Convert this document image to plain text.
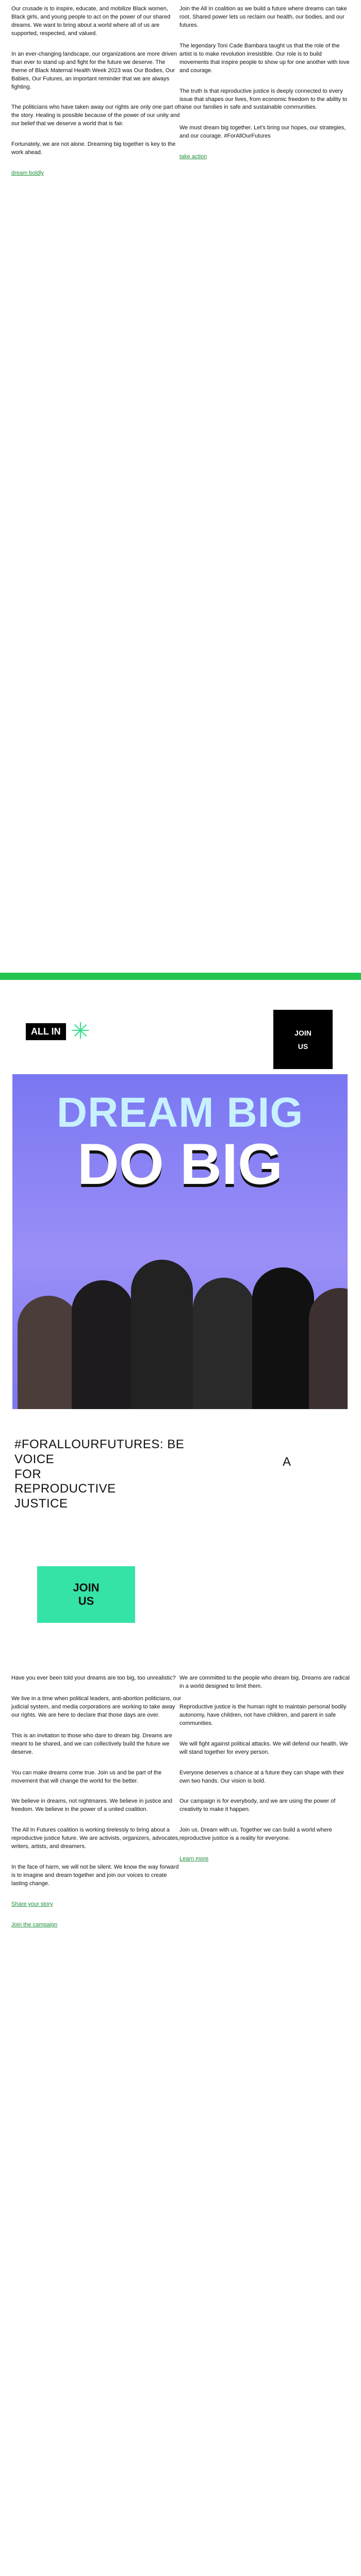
Our crusade is to inspire, educate, and mobilize Black women, Black girls, and young people to act on the power of our shared dreams. We want to bring about a world where all of us are supported, respected, and valued.
In an ever-changing landscape, our organizations are more driven than ever to stand up and fight for the future we deserve. The theme of Black Maternal Health Week 2023 was Our Bodies, Our Babies, Our Futures, an important reminder that we are always fighting.
The politicians who have taken away our rights are only one part of the story. Healing is possible because of the power of our unity and our belief that we deserve a world that is fair.
Fortunately, we are not alone. Dreaming big together is key to the work ahead.
dream boldly
Join the All In coalition as we build a future where dreams can take root. Shared power lets us reclaim our health, our bodies, and our futures.
The legendary Toni Cade Bambara taught us that the role of the artist is to make revolution irresistible. Our role is to build movements that inspire people to show up for one another with love and courage.
The truth is that reproductive justice is deeply connected to every issue that shapes our lives, from economic freedom to the ability to raise our families in safe and sustainable communities.
We must dream big together. Let's bring our hopes, our strategies, and our courage. #ForAllOurFutures
take action
ALL IN ✳	JOIN
US
DREAM BIG
DO BIG
#FORALLOURFUTURES: BE
VOICE
FOR
REPRODUCTIVE
JUSTICE
A
JOIN
US
Have you ever been told your dreams are too big, too unrealistic?
We live in a time when political leaders, anti-abortion politicians, our judicial system, and media corporations are working to take away our rights. We are here to declare that those days are over.
This is an invitation to those who dare to dream big. Dreams are meant to be shared, and we can collectively build the future we deserve.
You can make dreams come true. Join us and be part of the movement that will change the world for the better.
We believe in dreams, not nightmares. We believe in justice and freedom. We believe in the power of a united coalition.
The All In Futures coalition is working tirelessly to bring about a reproductive justice future. We are activists, organizers, advocates, writers, artists, and dreamers.
In the face of harm, we will not be silent. We know the way forward is to imagine and dream together and join our voices to create lasting change.
Share your story
Join the campaign
We are committed to the people who dream big. Dreams are radical in a world designed to limit them.
Reproductive justice is the human right to maintain personal bodily autonomy, have children, not have children, and parent in safe communities.
We will fight against political attacks. We will defend our health. We will stand together for every person.
Everyone deserves a chance at a future they can shape with their own two hands. Our vision is bold.
Our campaign is for everybody, and we are using the power of creativity to make it happen.
Join us. Dream with us. Together we can build a world where reproductive justice is a reality for everyone.
Learn more
